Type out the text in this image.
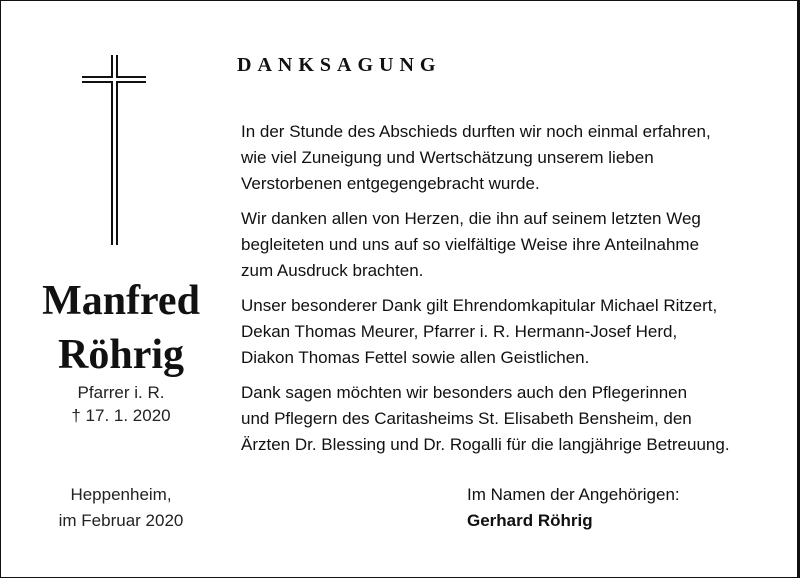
Manfred
Röhrig
Pfarrer i. R.
† 17. 1. 2020
Heppenheim,
im Februar 2020
DANKSAGUNG

In der Stunde des Abschieds durften wir noch einmal erfahren,
wie viel Zuneigung und Wertschätzung unserem lieben
Verstorbenen entgegengebracht wurde.

Wir danken allen von Herzen, die ihn auf seinem letzten Weg
begleiteten und uns auf so vielfältige Weise ihre Anteilnahme
zum Ausdruck brachten.

Unser besonderer Dank gilt Ehrendomkapitular Michael Ritzert,
Dekan Thomas Meurer, Pfarrer i. R. Hermann-Josef Herd,
Diakon Thomas Fettel sowie allen Geistlichen.

Dank sagen möchten wir besonders auch den Pflegerinnen
und Pflegern des Caritasheims St. Elisabeth Bensheim, den
Ärzten Dr. Blessing und Dr. Rogalli für die langjährige Betreuung.

Im Namen der Angehörigen:
Gerhard Röhrig
